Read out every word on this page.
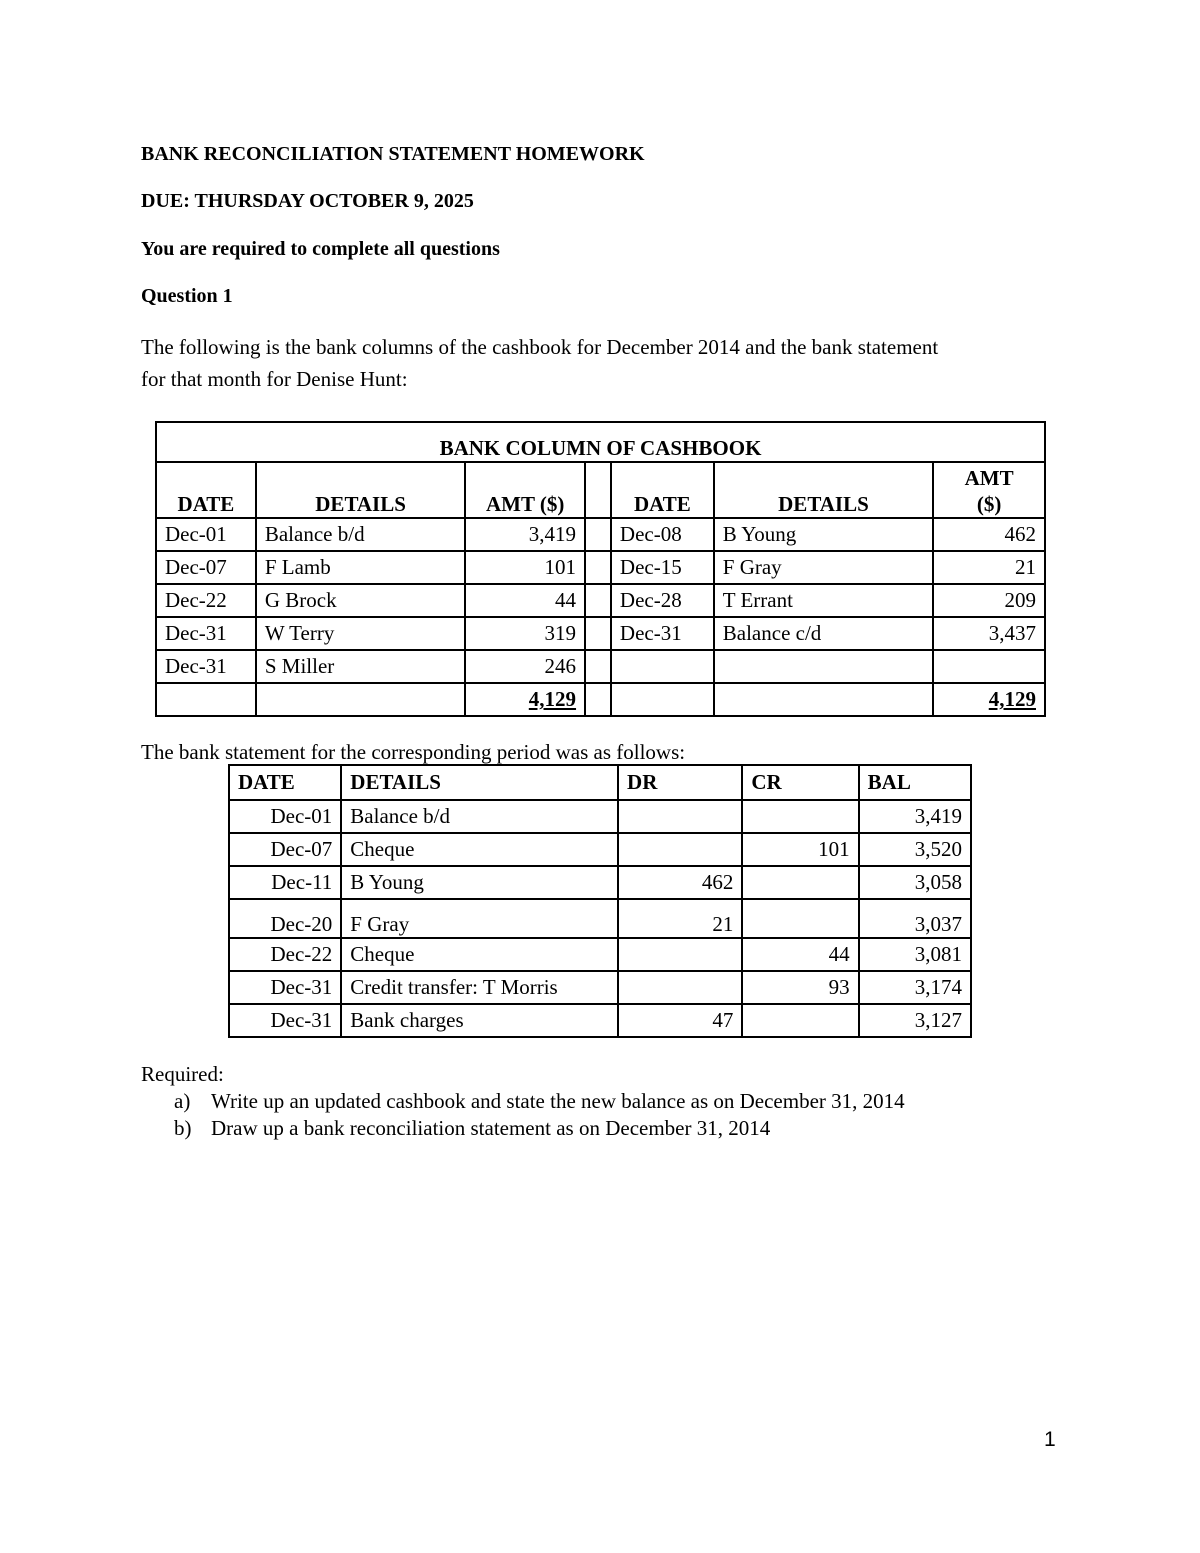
BANK RECONCILIATION STATEMENT HOMEWORK
DUE: THURSDAY OCTOBER 9, 2025
You are required to complete all questions
Question 1
The following is the bank columns of the cashbook for December 2014 and the bank statement
for that month for Denise Hunt:
BANK COLUMN OF CASHBOOK						
DATE	DETAILS	AMT ($)		DATE	DETAILS	AMT
($)

Dec-01	Balance b/d	3,419		Dec-08	B Young	462
Dec-07	F Lamb	101		Dec-15	F Gray	21
Dec-22	G Brock	44		Dec-28	T Errant	209
Dec-31	W Terry	319		Dec-31	Balance c/d	3,437
Dec-31	S Miller	246				
		4,129				4,129
The bank statement for the corresponding period was as follows:
DATE	DETAILS	DR	CR	BAL
Dec-01	Balance b/d			3,419
Dec-07	Cheque		101	3,520
Dec-11	B Young	462		3,058
Dec-20	F Gray	21		3,037
Dec-22	Cheque		44	3,081
Dec-31	Credit transfer: T Morris		93	3,174
Dec-31	Bank charges	47		3,127
Required:
a) Write up an updated cashbook and state the new balance as on December 31, 2014
b) Draw up a bank reconciliation statement as on December 31, 2014
1
